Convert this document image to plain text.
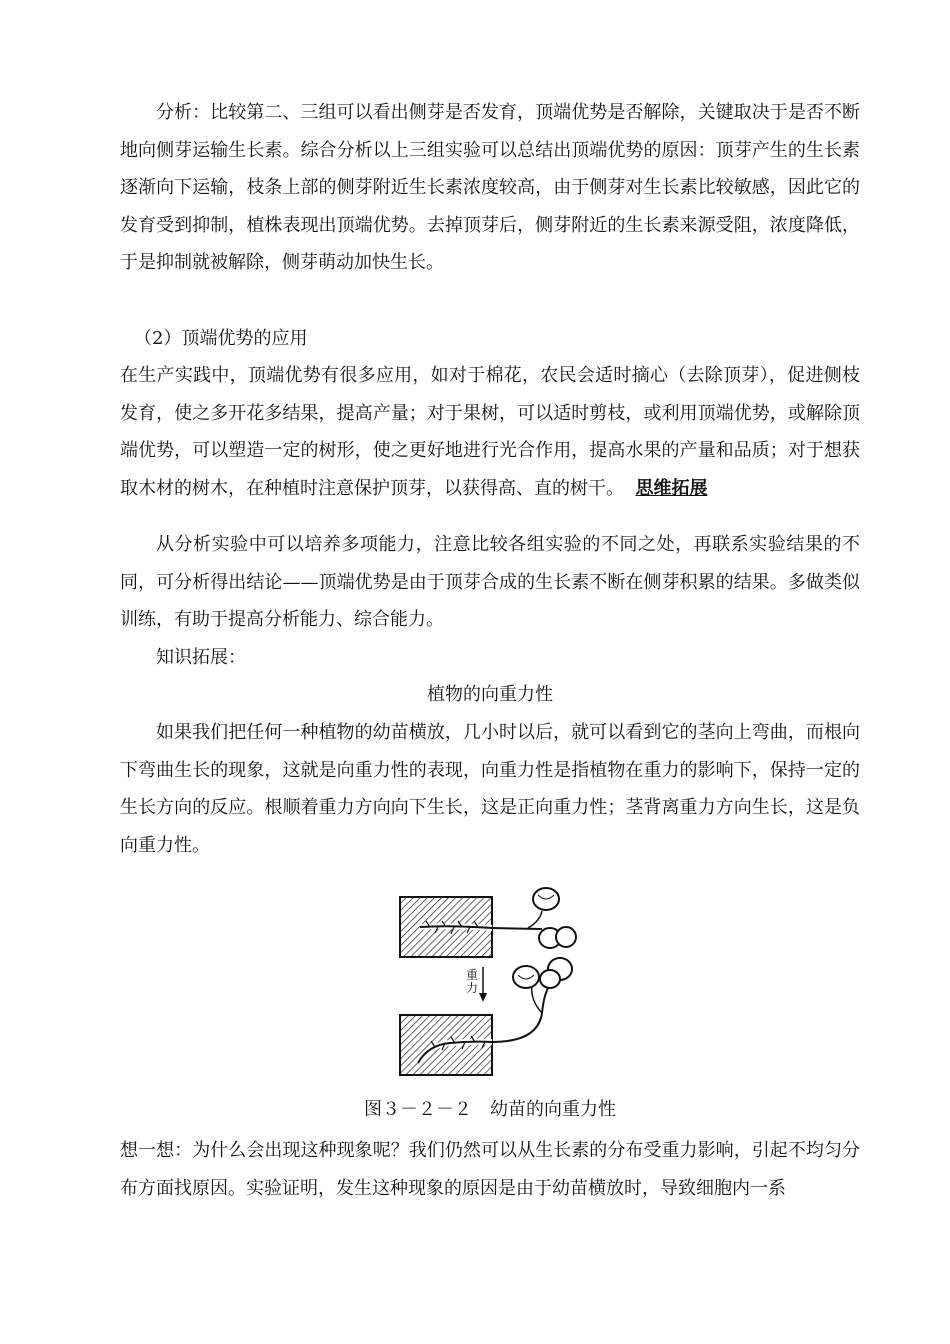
分析：比较第二、三组可以看出侧芽是否发育，顶端优势是否解除，关键取决于是否不断地向侧芽运输生长素。综合分析以上三组实验可以总结出顶端优势的原因：顶芽产生的生长素逐渐向下运输，枝条上部的侧芽附近生长素浓度较高，由于侧芽对生长素比较敏感，因此它的发育受到抑制，植株表现出顶端优势。去掉顶芽后，侧芽附近的生长素来源受阻，浓度降低，于是抑制就被解除，侧芽萌动加快生长。

（2）顶端优势的应用

在生产实践中，顶端优势有很多应用，如对于棉花，农民会适时摘心（去除顶芽），促进侧枝发育，使之多开花多结果，提高产量；对于果树，可以适时剪枝，或利用顶端优势，或解除顶端优势，可以塑造一定的树形，使之更好地进行光合作用，提高水果的产量和品质；对于想获取木材的树木，在种植时注意保护顶芽，以获得高、直的树干。 思维拓展

从分析实验中可以培养多项能力，注意比较各组实验的不同之处，再联系实验结果的不同，可分析得出结论——顶端优势是由于顶芽合成的生长素不断在侧芽积累的结果。多做类似训练，有助于提高分析能力、综合能力。

知识拓展：

植物的向重力性

如果我们把任何一种植物的幼苗横放，几小时以后，就可以看到它的茎向上弯曲，而根向下弯曲生长的现象，这就是向重力性的表现，向重力性是指植物在重力的影响下，保持一定的生长方向的反应。根顺着重力方向向下生长，这是正向重力性；茎背离重力方向生长，这是负向重力性。

重 力
图３－２－２　幼苗的向重力性

想一想：为什么会出现这种现象呢？我们仍然可以从生长素的分布受重力影响，引起不均匀分布方面找原因。实验证明，发生这种现象的原因是由于幼苗横放时，导致细胞内一系
